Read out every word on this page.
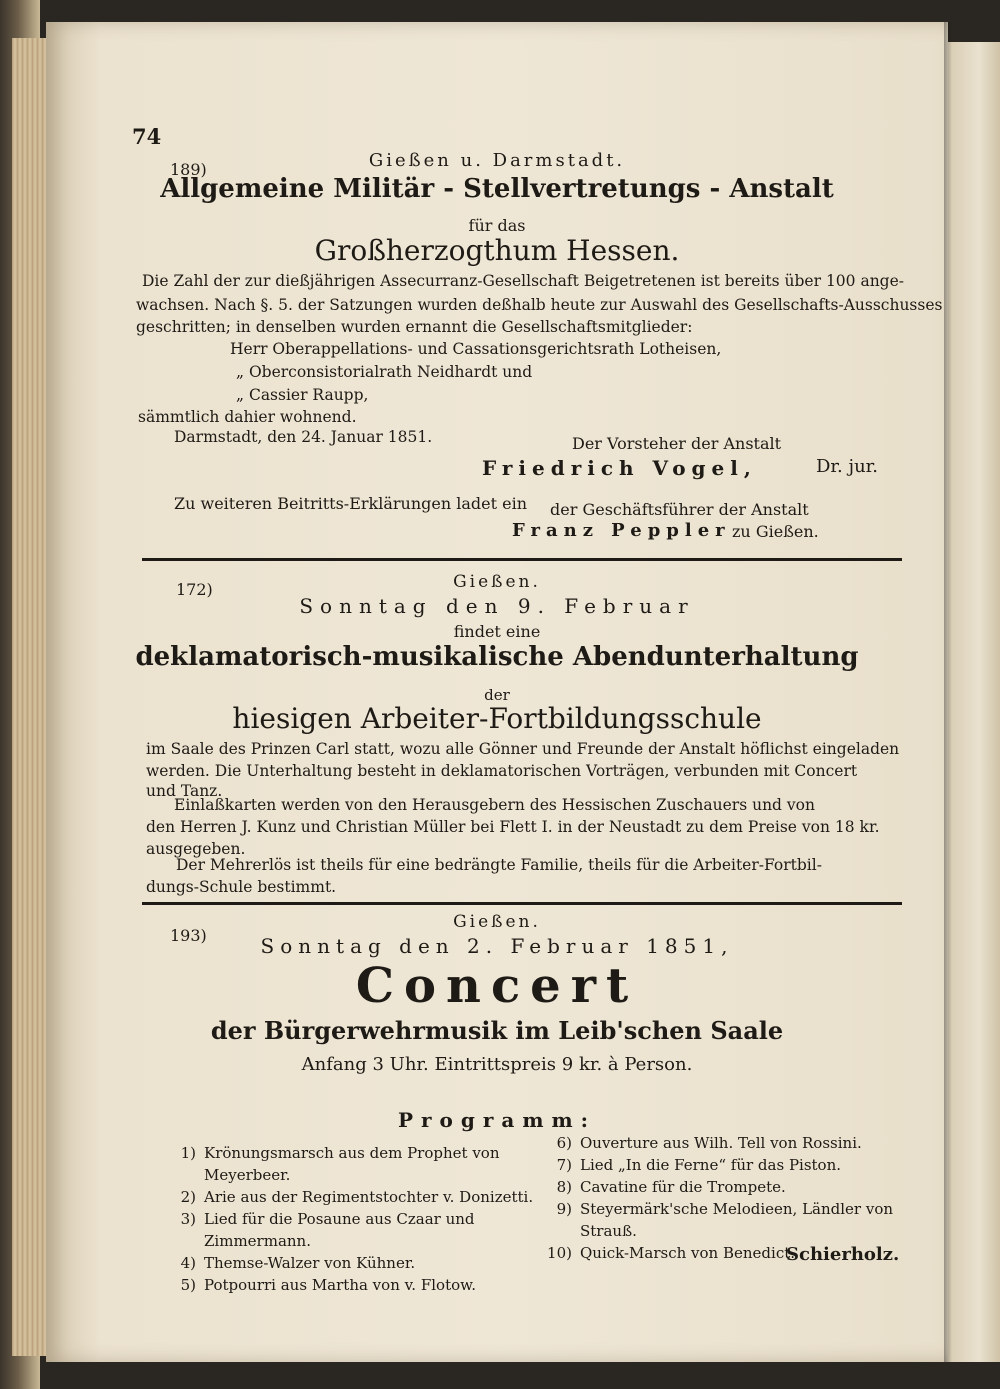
74
189)	Gießen u. Darmstadt.
Allgemeine Militär - Stellvertretungs - Anstalt
für das
Großherzogthum Hessen.
Die Zahl der zur dießjährigen Assecurranz-Gesellschaft Beigetretenen ist bereits über 100 ange-
wachsen. Nach §. 5. der Satzungen wurden deßhalb heute zur Auswahl des Gesellschafts-Ausschusses
geschritten; in denselben wurden ernannt die Gesellschaftsmitglieder:
Herr Oberappellations- und Cassationsgerichtsrath Lotheisen,
„ Oberconsistorialrath Neidhardt und
„ Cassier Raupp,
sämmtlich dahier wohnend.
Darmstadt, den 24. Januar 1851.	Der Vorsteher der Anstalt
Friedrich Vogel,	Dr. jur.
Zu weiteren Beitritts-Erklärungen ladet ein der Geschäftsführer der Anstalt
Franz Peppler zu Gießen.
172)	Gießen.
Sonntag den 9. Februar
findet eine
deklamatorisch-musikalische Abendunterhaltung
der
hiesigen Arbeiter-Fortbildungsschule
im Saale des Prinzen Carl statt, wozu alle Gönner und Freunde der Anstalt höflichst eingeladen
werden. Die Unterhaltung besteht in deklamatorischen Vorträgen, verbunden mit Concert
und Tanz.
Einlaßkarten werden von den Herausgebern des Hessischen Zuschauers und von
den Herren J. Kunz und Christian Müller bei Flett I. in der Neustadt zu dem Preise von 18 kr.
ausgegeben.
Der Mehrerlös ist theils für eine bedrängte Familie, theils für die Arbeiter-Fortbil-
dungs-Schule bestimmt.
193)
Gießen.
Sonntag den 2. Februar 1851,
Concert
der Bürgerwehrmusik im Leib'schen Saale
Anfang 3 Uhr. Eintrittspreis 9 kr. à Person.
Programm:
1) Krönungsmarsch aus dem Prophet von
Meyerbeer.
2) Arie aus der Regimentstochter v. Donizetti.
3) Lied für die Posaune aus Czaar und
Zimmermann.
4) Themse-Walzer von Kühner.
5) Potpourri aus Martha von v. Flotow.
6) Ouverture aus Wilh. Tell von Rossini.
7) Lied „In die Ferne“ für das Piston.
8) Cavatine für die Trompete.
9) Steyermärk'sche Melodieen, Ländler von
Strauß.
10) Quick-Marsch von Benedict.
Schierholz.
